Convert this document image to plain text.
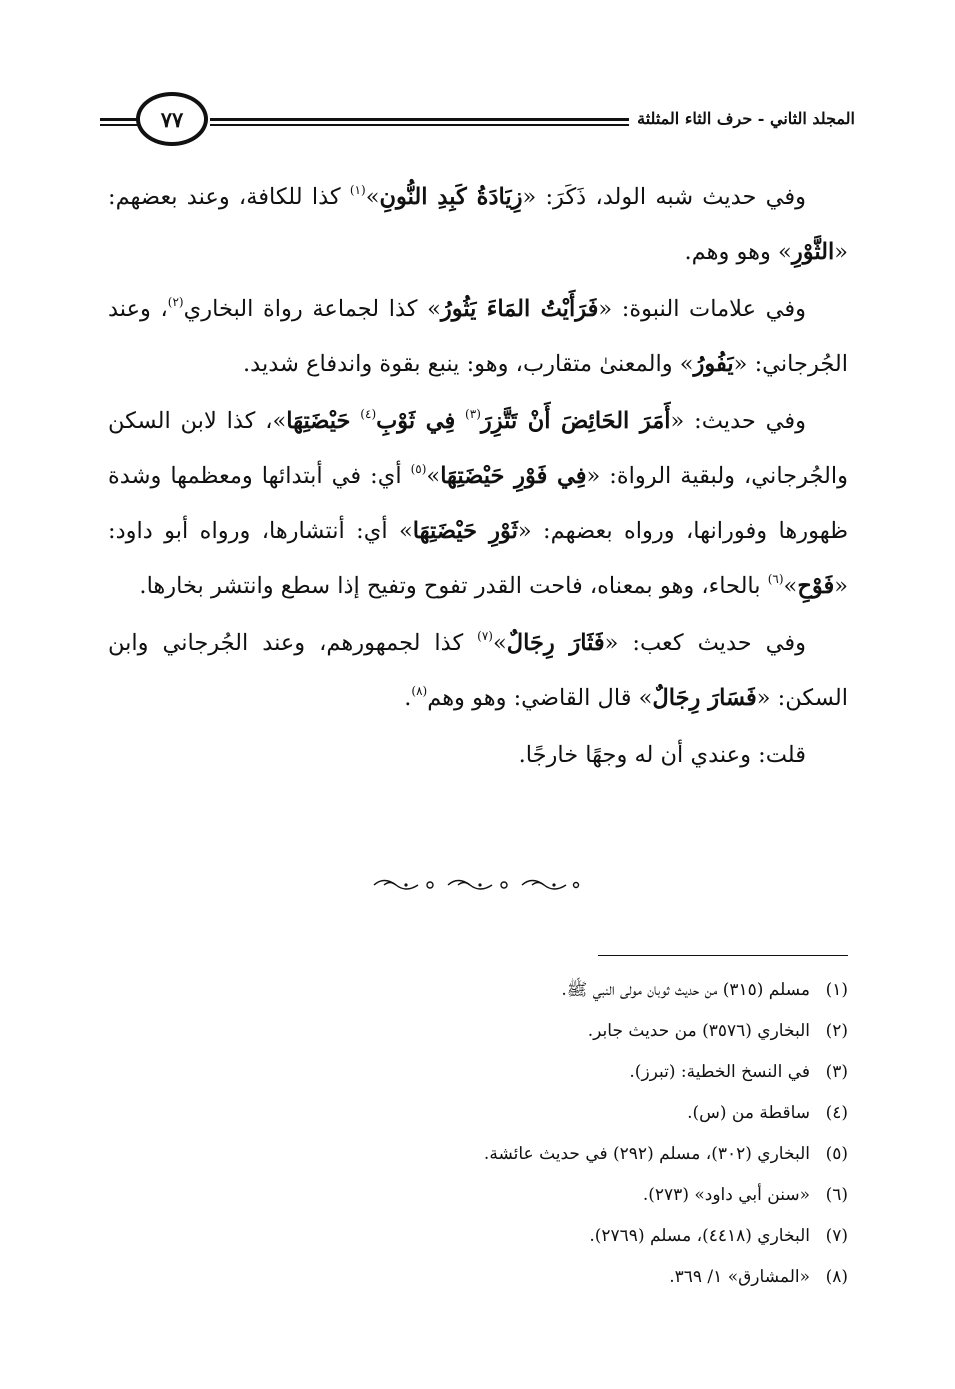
المجلد الثاني - حرف الثاء المثلثة
٧٧

وفي حديث شبه الولد، ذَكَرَ: «زِيَادَةُ كَبِدِ النُّونِ»$^{(١)}$ كذا للكافة، وعند بعضهم: «الثَّوْرِ» وهو وهم.

وفي علامات النبوة: «فَرَأَيْتُ المَاءَ يَثُورُ» كذا لجماعة رواة البخاري$^{(٢)}$، وعند الجُرجاني: «يَفُورُ» والمعنىٰ متقارب، وهو: ينبع بقوة واندفاع شديد.

وفي حديث: «أَمَرَ الحَائِضَ أَنْ تَتَّزِرَ$^{(٣)}$ فِي ثَوْبِ$^{(٤)}$ حَيْضَتِهَا»، كذا لابن السكن والجُرجاني، ولبقية الرواة: «فِي فَوْرِ حَيْضَتِهَا»$^{(٥)}$ أي: في أبتدائها ومعظمها وشدة ظهورها وفورانها، ورواه بعضهم: «ثَوْرِ حَيْضَتِهَا» أي: أنتشارها، ورواه أبو داود: «فَوْحِ»$^{(٦)}$ بالحاء، وهو بمعناه، فاحت القدر تفوح وتفيح إذا سطع وانتشر بخارها.

وفي حديث كعب: «فَثَارَ رِجَالٌ»$^{(٧)}$ كذا لجمهورهم، وعند الجُرجاني وابن السكن: «فَسَارَ رِجَالٌ» قال القاضي: وهو وهم$^{(٨)}$.

قلت: وعندي أن له وجهًا خارجًا.

(١)
مسلم (٣١٥) من حديث ثوبان مولى النبي ﷺ.
(٢)
البخاري (٣٥٧٦) من حديث جابر.
(٣)
في النسخ الخطية: (تبرز).
(٤)
ساقطة من (س).
(٥)
البخاري (٣٠٢)، مسلم (٢٩٢) في حديث عائشة.
(٦)
«سنن أبي داود» (٢٧٣).
(٧)
البخاري (٤٤١٨)، مسلم (٢٧٦٩).
(٨)
«المشارق» ١/ ٣٦٩.
